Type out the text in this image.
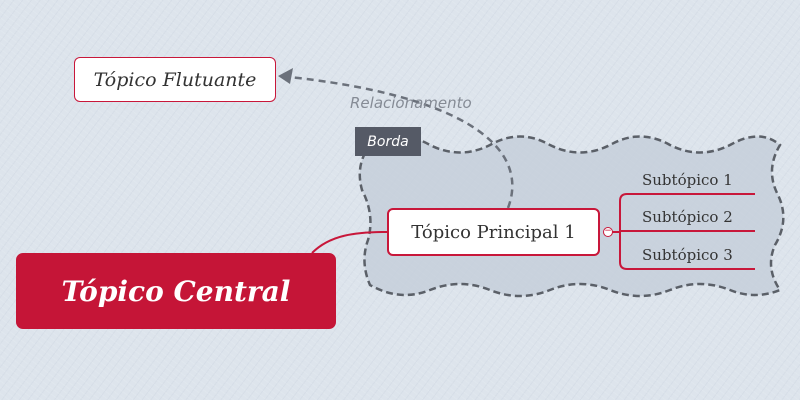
Tópico Flutuante
Relacionamento
Borda
Tópico Principal 1	−
Subtópico 1
Subtópico 2
Subtópico 3
Tópico Central
